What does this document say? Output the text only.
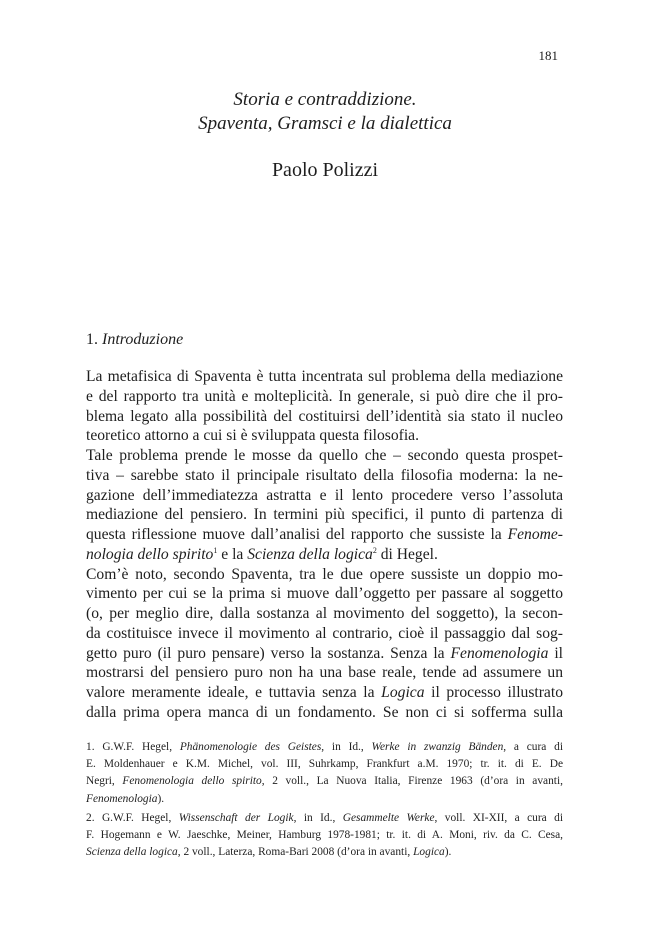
181
Storia e contraddizione.
Spaventa, Gramsci e la dialettica
Paolo Polizzi
1. Introduzione
La metafisica di Spaventa è tutta incentrata sul problema della mediazione
e del rapporto tra unità e molteplicità. In generale, si può dire che il pro-
blema legato alla possibilità del costituirsi dell’identità sia stato il nucleo
teoretico attorno a cui si è sviluppata questa filosofia.
Tale problema prende le mosse da quello che – secondo questa prospet-
tiva – sarebbe stato il principale risultato della filosofia moderna: la ne-
gazione dell’immediatezza astratta e il lento procedere verso l’assoluta
mediazione del pensiero. In termini più specifici, il punto di partenza di
questa riflessione muove dall’analisi del rapporto che sussiste la Fenome-
nologia dello spirito$^1$ e la Scienza della logica$^2$ di Hegel.
Com’è noto, secondo Spaventa, tra le due opere sussiste un doppio mo-
vimento per cui se la prima si muove dall’oggetto per passare al soggetto
(o, per meglio dire, dalla sostanza al movimento del soggetto), la secon-
da costituisce invece il movimento al contrario, cioè il passaggio dal sog-
getto puro (il puro pensare) verso la sostanza. Senza la Fenomenologia il
mostrarsi del pensiero puro non ha una base reale, tende ad assumere un
valore meramente ideale, e tuttavia senza la Logica il processo illustrato
dalla prima opera manca di un fondamento. Se non ci si sofferma sulla
1. G.W.F. Hegel, Phänomenologie des Geistes, in Id., Werke in zwanzig Bänden, a cura di
E. Moldenhauer e K.M. Michel, vol. III, Suhrkamp, Frankfurt a.M. 1970; tr. it. di E. De
Negri, Fenomenologia dello spirito, 2 voll., La Nuova Italia, Firenze 1963 (d’ora in avanti,
Fenomenologia).
2. G.W.F. Hegel, Wissenschaft der Logik, in Id., Gesammelte Werke, voll. XI-XII, a cura di
F. Hogemann e W. Jaeschke, Meiner, Hamburg 1978-1981; tr. it. di A. Moni, riv. da C. Cesa,
Scienza della logica, 2 voll., Laterza, Roma-Bari 2008 (d’ora in avanti, Logica).
